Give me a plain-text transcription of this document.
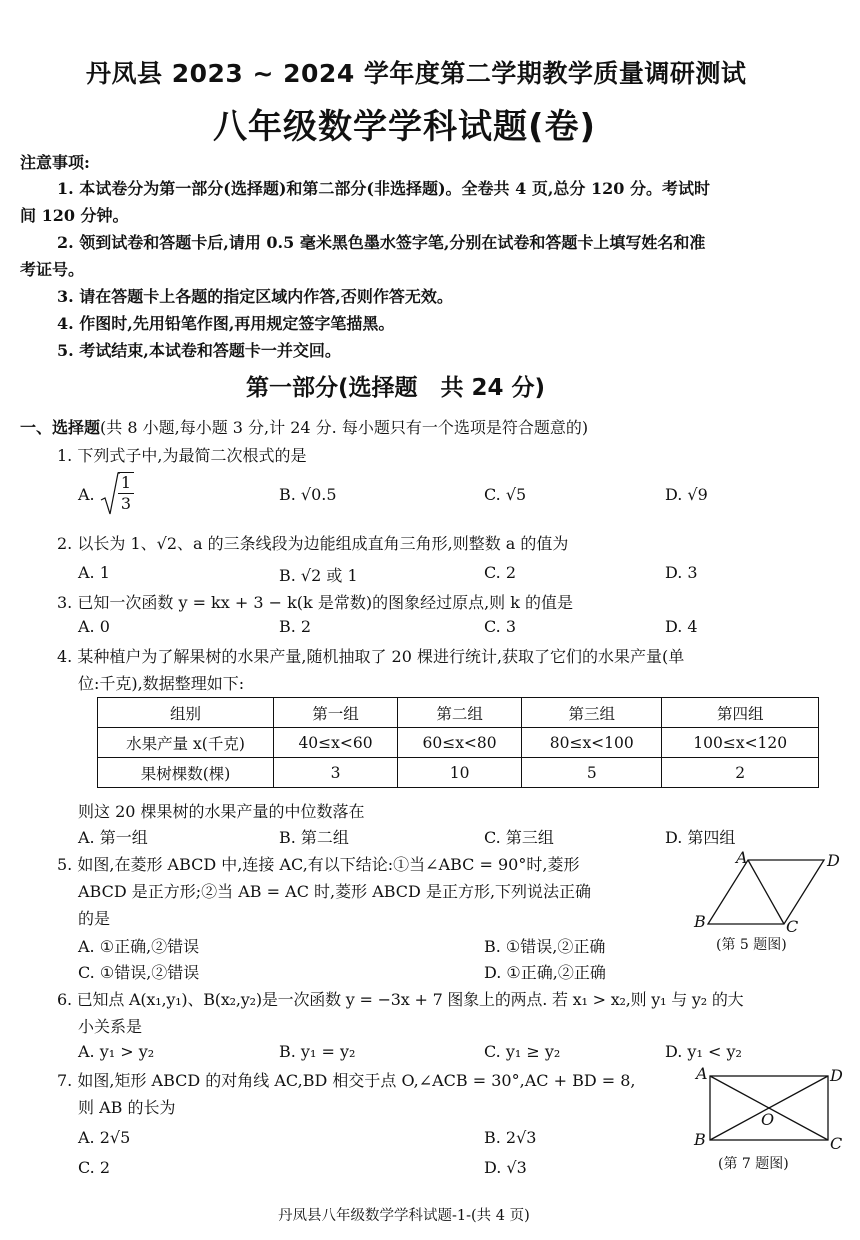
丹凤县 2023 ~ 2024 学年度第二学期教学质量调研测试
八年级数学学科试题(卷)
注意事项:
1. 本试卷分为第一部分(选择题)和第二部分(非选择题)。全卷共 4 页,总分 120 分。考试时
间 120 分钟。
2. 领到试卷和答题卡后,请用 0.5 毫米黑色墨水签字笔,分别在试卷和答题卡上填写姓名和准
考证号。
3. 请在答题卡上各题的指定区域内作答,否则作答无效。
4. 作图时,先用铅笔作图,再用规定签字笔描黑。
5. 考试结束,本试卷和答题卡一并交回。
第一部分(选择题　共 24 分)
一、选择题(共 8 小题,每小题 3 分,计 24 分. 每小题只有一个选项是符合题意的)
1. 下列式子中,为最简二次根式的是
A. $\frac{1}{3}$	B. √0.5	C. √5	D. √9
2. 以长为 1、√2、a 的三条线段为边能组成直角三角形,则整数 a 的值为
A. 1	B. √2 或 1	C. 2	D. 3
3. 已知一次函数 y = kx + 3 − k(k 是常数)的图象经过原点,则 k 的值是
A. 0	B. 2	C. 3	D. 4
4. 某种植户为了解果树的水果产量,随机抽取了 20 棵进行统计,获取了它们的水果产量(单
位:千克),数据整理如下:
组别	第一组	第二组	第三组	第四组
水果产量 x(千克)	40≤x<60	60≤x<80	80≤x<100	100≤x<120
果树棵数(棵)	3	10	5	2
则这 20 棵果树的水果产量的中位数落在
A. 第一组	B. 第二组	C. 第三组	D. 第四组
5. 如图,在菱形 ABCD 中,连接 AC,有以下结论:①当∠ABC = 90°时,菱形
ABCD 是正方形;②当 AB = AC 时,菱形 ABCD 是正方形,下列说法正确
的是
A. ①正确,②错误	B. ①错误,②正确
C. ①错误,②错误	D. ①正确,②正确
A	D
B	C
(第 5 题图)
6. 已知点 A(x₁,y₁)、B(x₂,y₂)是一次函数 y = −3x + 7 图象上的两点. 若 x₁ > x₂,则 y₁ 与 y₂ 的大
小关系是
A. y₁ > y₂	B. y₁ = y₂	C. y₁ ≥ y₂	D. y₁ < y₂
7. 如图,矩形 ABCD 的对角线 AC,BD 相交于点 O,∠ACB = 30°,AC + BD = 8,
则 AB 的长为
A. 2√5	B. 2√3
C. 2	D. √3
A	D
B	C
O
(第 7 题图)
丹凤县八年级数学学科试题-1-(共 4 页)
